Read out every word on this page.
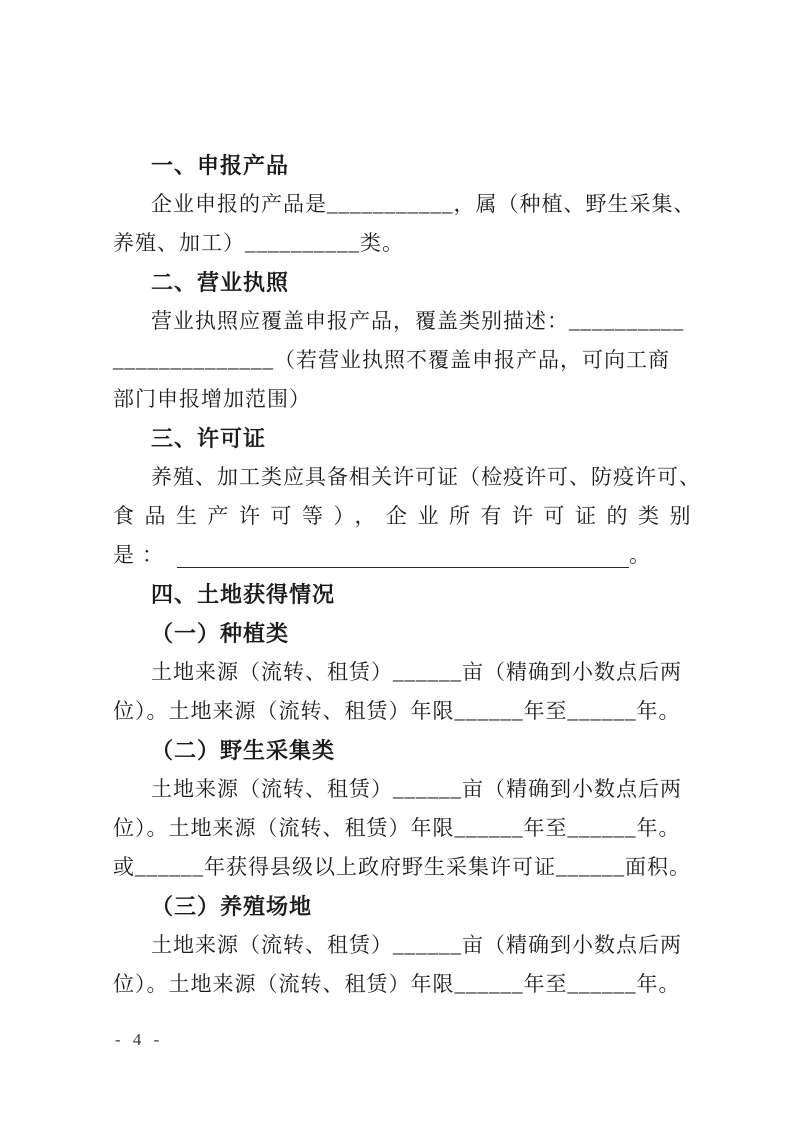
一、申报产品
企业申报的产品是___________，属（种植、野生采集、
养殖、加工）__________类。
二、营业执照
营业执照应覆盖申报产品，覆盖类别描述：__________
______________（若营业执照不覆盖申报产品，可向工商
部门申报增加范围）
三、许可证
养殖、加工类应具备相关许可证（检疫许可、防疫许可、
食品生产许可等），企业所有许可证的类别
是：	。
四、土地获得情况
（一）种植类
土地来源（流转、租赁）______亩（精确到小数点后两
位）。土地来源（流转、租赁）年限______年至______年。
（二）野生采集类
土地来源（流转、租赁）______亩（精确到小数点后两
位）。土地来源（流转、租赁）年限______年至______年。
或______年获得县级以上政府野生采集许可证______面积。
（三）养殖场地
土地来源（流转、租赁）______亩（精确到小数点后两
位）。土地来源（流转、租赁）年限______年至______年。
- 4 -
